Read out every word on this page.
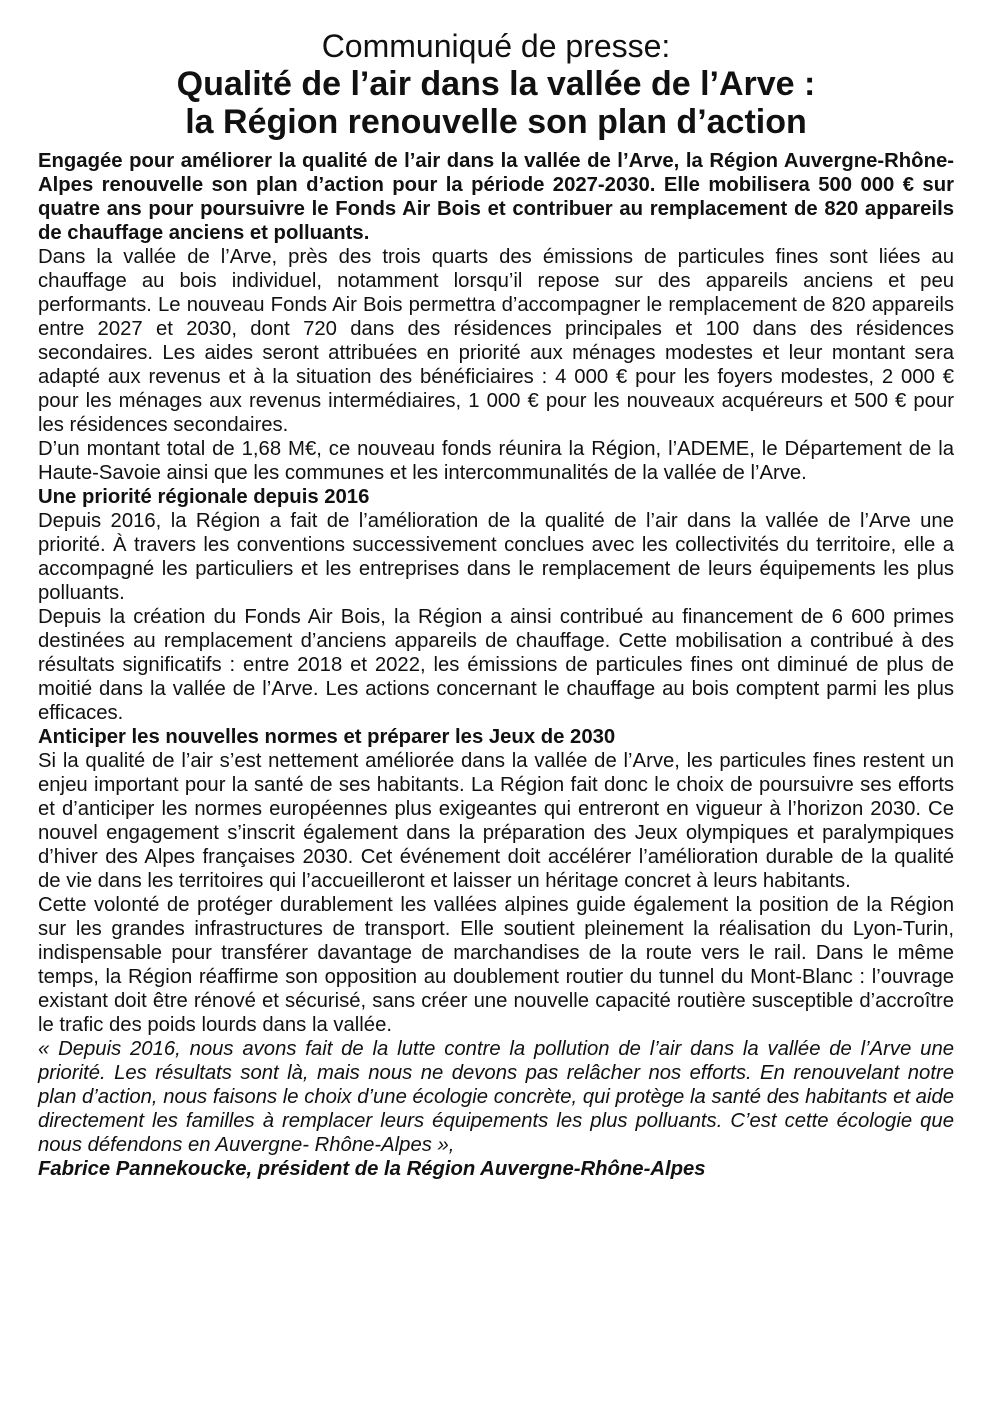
Communiqué de presse:
Qualité de l’air dans la vallée de l’Arve :
la Région renouvelle son plan d’action

Engagée pour améliorer la qualité de l’air dans la vallée de l’Arve, la Région Auvergne-Rhône-Alpes renouvelle son plan d’action pour la période 2027-2030. Elle mobilisera 500 000 € sur quatre ans pour poursuivre le Fonds Air Bois et contribuer au remplacement de 820 appareils de chauffage anciens et polluants.

Dans la vallée de l’Arve, près des trois quarts des émissions de particules fines sont liées au chauffage au bois individuel, notamment lorsqu’il repose sur des appareils anciens et peu performants. Le nouveau Fonds Air Bois permettra d’accompagner le remplacement de 820 appareils entre 2027 et 2030, dont 720 dans des résidences principales et 100 dans des résidences secondaires. Les aides seront attribuées en priorité aux ménages modestes et leur montant sera adapté aux revenus et à la situation des bénéficiaires : 4 000 € pour les foyers modestes, 2 000 € pour les ménages aux revenus intermédiaires, 1 000 € pour les nouveaux acquéreurs et 500 € pour les résidences secondaires.

D’un montant total de 1,68 M€, ce nouveau fonds réunira la Région, l’ADEME, le Département de la Haute-Savoie ainsi que les communes et les intercommunalités de la vallée de l’Arve.

Une priorité régionale depuis 2016

Depuis 2016, la Région a fait de l’amélioration de la qualité de l’air dans la vallée de l’Arve une priorité. À travers les conventions successivement conclues avec les collectivités du territoire, elle a accompagné les particuliers et les entreprises dans le remplacement de leurs équipements les plus polluants.

Depuis la création du Fonds Air Bois, la Région a ainsi contribué au financement de 6 600 primes destinées au remplacement d’anciens appareils de chauffage. Cette mobilisation a contribué à des résultats significatifs : entre 2018 et 2022, les émissions de particules fines ont diminué de plus de moitié dans la vallée de l’Arve. Les actions concernant le chauffage au bois comptent parmi les plus efficaces.

Anticiper les nouvelles normes et préparer les Jeux de 2030

Si la qualité de l’air s’est nettement améliorée dans la vallée de l’Arve, les particules fines restent un enjeu important pour la santé de ses habitants. La Région fait donc le choix de poursuivre ses efforts et d’anticiper les normes européennes plus exigeantes qui entreront en vigueur à l’horizon 2030. Ce nouvel engagement s’inscrit également dans la préparation des Jeux olympiques et paralympiques d’hiver des Alpes françaises 2030. Cet événement doit accélérer l’amélioration durable de la qualité de vie dans les territoires qui l’accueilleront et laisser un héritage concret à leurs habitants.

Cette volonté de protéger durablement les vallées alpines guide également la position de la Région sur les grandes infrastructures de transport. Elle soutient pleinement la réalisation du Lyon-Turin, indispensable pour transférer davantage de marchandises de la route vers le rail. Dans le même temps, la Région réaffirme son opposition au doublement routier du tunnel du Mont-Blanc : l’ouvrage existant doit être rénové et sécurisé, sans créer une nouvelle capacité routière susceptible d’accroître le trafic des poids lourds dans la vallée.

« Depuis 2016, nous avons fait de la lutte contre la pollution de l’air dans la vallée de l’Arve une priorité. Les résultats sont là, mais nous ne devons pas relâcher nos efforts. En renouvelant notre plan d’action, nous faisons le choix d’une écologie concrète, qui protège la santé des habitants et aide directement les familles à remplacer leurs équipements les plus polluants. C’est cette écologie que nous défendons en Auvergne- Rhône-Alpes »,

Fabrice Pannekoucke, président de la Région Auvergne-Rhône-Alpes
